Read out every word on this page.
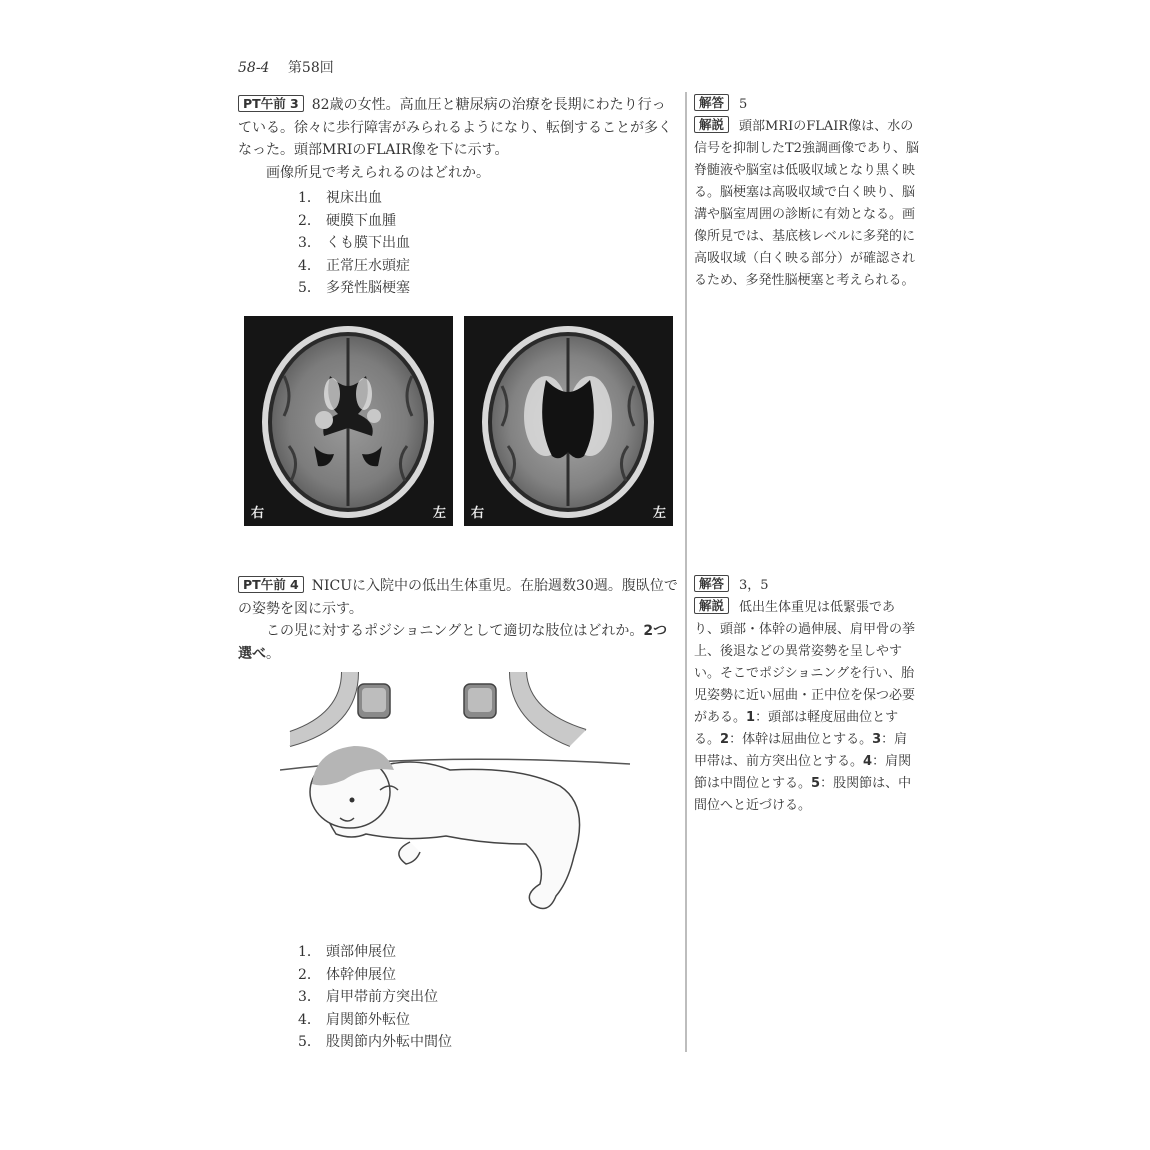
58-4 第58回

PT午前 3 82歳の女性。高血圧と糖尿病の治療を長期にわたり行っている。徐々に歩行障害がみられるようになり、転倒することが多くなった。頭部MRIのFLAIR像を下に示す。

画像所見で考えられるのはどれか。

1． 視床出血
2． 硬膜下血腫
3． くも膜下出血
4． 正常圧水頭症
5． 多発性脳梗塞
右	左 右	左

解答 5

解説 頭部MRIのFLAIR像は、水の信号を抑制したT2強調画像であり、脳脊髄液や脳室は低吸収域となり黒く映る。脳梗塞は高吸収域で白く映り、脳溝や脳室周囲の診断に有効となる。画像所見では、基底核レベルに多発的に高吸収域（白く映る部分）が確認されるため、多発性脳梗塞と考えられる。

PT午前 4 NICUに入院中の低出生体重児。在胎週数30週。腹臥位での姿勢を図に示す。

この児に対するポジショニングとして適切な肢位はどれか。2つ選べ。

1． 頭部伸展位
2． 体幹伸展位
3． 肩甲帯前方突出位
4． 肩関節外転位
5． 股関節内外転中間位

解答 3，5

解説 低出生体重児は低緊張であり、頭部・体幹の過伸展、肩甲骨の挙上、後退などの異常姿勢を呈しやすい。そこでポジショニングを行い、胎児姿勢に近い屈曲・正中位を保つ必要がある。1：頭部は軽度屈曲位とする。2：体幹は屈曲位とする。3：肩甲帯は、前方突出位とする。4：肩関節は中間位とする。5：股関節は、中間位へと近づける。
